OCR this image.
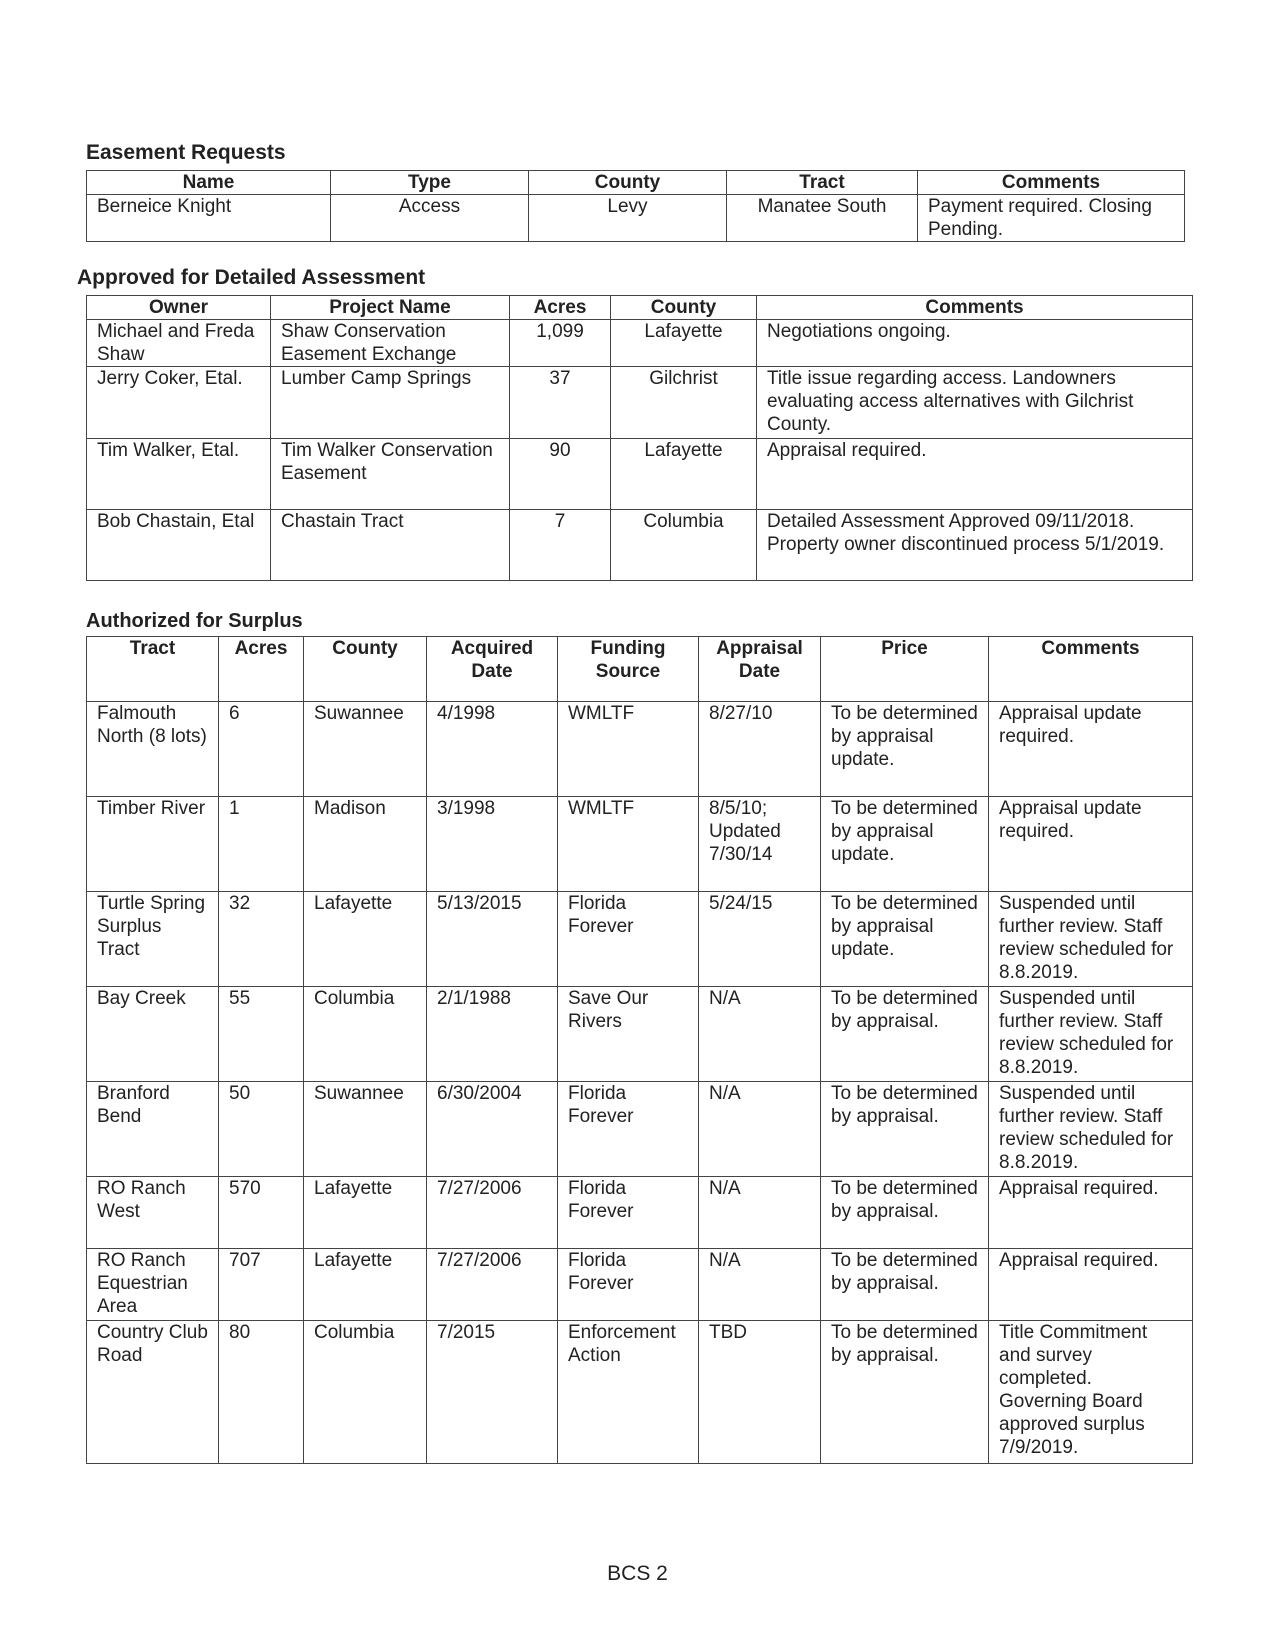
Easement Requests
Name	Type	County	Tract	Comments
Berneice Knight	Access	Levy	Manatee South	Payment required. Closing Pending.
Approved for Detailed Assessment
Owner	Project Name	Acres	County	Comments
Michael and Freda Shaw	Shaw Conservation Easement Exchange	1,099	Lafayette	Negotiations ongoing.
Jerry Coker, Etal.	Lumber Camp Springs	37	Gilchrist	Title issue regarding access. Landowners evaluating access alternatives with Gilchrist County.
Tim Walker, Etal.	Tim Walker Conservation Easement	90	Lafayette	Appraisal required.
Bob Chastain, Etal	Chastain Tract	7	Columbia	Detailed Assessment Approved 09/11/2018. Property owner discontinued process 5/1/2019.
Authorized for Surplus
Tract	Acres	County	Acquired Date	Funding Source	Appraisal Date	Price	Comments
Falmouth North (8 lots)	6	Suwannee	4/1998	WMLTF	8/27/10	To be determined by appraisal update.	Appraisal update required.
Timber River	1	Madison	3/1998	WMLTF	8/5/10; Updated 7/30/14	To be determined by appraisal update.	Appraisal update required.
Turtle Spring Surplus Tract	32	Lafayette	5/13/2015	Florida Forever	5/24/15	To be determined by appraisal update.	Suspended until further review. Staff review scheduled for 8.8.2019.
Bay Creek	55	Columbia	2/1/1988	Save Our Rivers	N/A	To be determined by appraisal.	Suspended until further review. Staff review scheduled for 8.8.2019.
Branford Bend	50	Suwannee	6/30/2004	Florida Forever	N/A	To be determined by appraisal.	Suspended until further review. Staff review scheduled for 8.8.2019.
RO Ranch West	570	Lafayette	7/27/2006	Florida Forever	N/A	To be determined by appraisal.	Appraisal required.
RO Ranch Equestrian Area	707	Lafayette	7/27/2006	Florida Forever	N/A	To be determined by appraisal.	Appraisal required.
Country Club Road	80	Columbia	7/2015	Enforcement Action	TBD	To be determined by appraisal.	Title Commitment and survey completed. Governing Board approved surplus 7/9/2019.
BCS 2
